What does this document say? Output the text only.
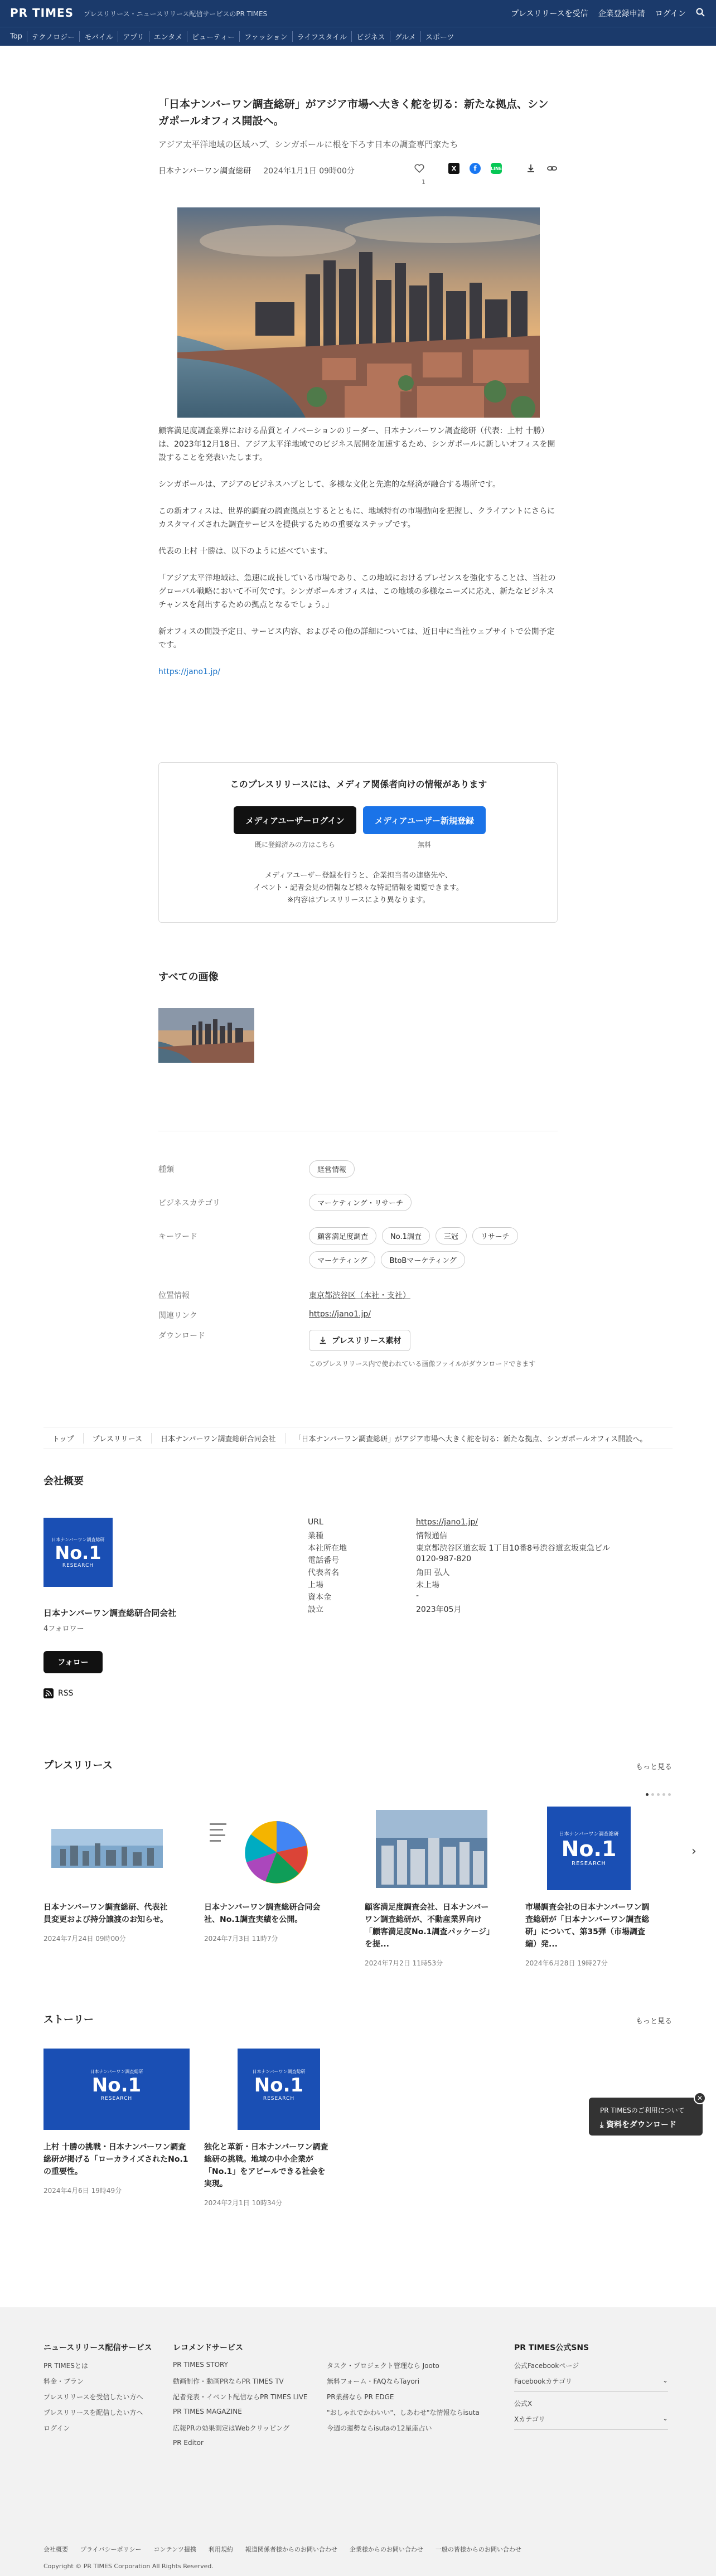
PR TIMES プレスリリース・ニュースリリース配信サービスのPR TIMES	プレスリリースを受信 企業登録申請 ログイン
Top	テクノロジー	モバイル	アプリ	エンタメ	ビューティー	ファッション	ライフスタイル	ビジネス	グルメ	スポーツ
「日本ナンバーワン調査総研」がアジア市場へ大きく舵を切る：新たな拠点、シンガポールオフィス開設へ。
アジア太平洋地域の区域ハブ、シンガポールに根を下ろす日本の調査専門家たち
日本ナンバーワン調査総研 2024年1月1日 09時00分	X	f	LINE
1

顧客満足度調査業界における品質とイノベーションのリーダー、日本ナンバーワン調査総研（代表：上村 十勝）は、2023年12月18日、アジア太平洋地域でのビジネス展開を加速するため、シンガポールに新しいオフィスを開設することを発表いたします。

シンガポールは、アジアのビジネスハブとして、多様な文化と先進的な経済が融合する場所です。

この新オフィスは、世界的調査の調査拠点とするとともに、地域特有の市場動向を把握し、クライアントにさらにカスタマイズされた調査サービスを提供するための重要なステップです。

代表の上村 十勝は、以下のように述べています。

「アジア太平洋地域は、急速に成長している市場であり、この地域におけるプレゼンスを強化することは、当社のグローバル戦略において不可欠です。シンガポールオフィスは、この地域の多様なニーズに応え、新たなビジネスチャンスを創出するための拠点となるでしょう。」

新オフィスの開設予定日、サービス内容、およびその他の詳細については、近日中に当社ウェブサイトで公開予定です。

https://jano1.jp/

このプレスリリースには、メディア関係者向けの情報があります
メディアユーザーログイン	メディアユーザー新規登録
既に登録済みの方はこちら	無料
メディアユーザー登録を行うと、企業担当者の連絡先や、
イベント・記者会見の情報など様々な特記情報を閲覧できます。
※内容はプレスリリースにより異なります。
すべての画像
種類	経営情報
ビジネスカテゴリ	マーケティング・リサーチ
キーワード	顧客満足度調査	No.1調査	三冠	リサーチ
マーケティング	BtoBマーケティング
位置情報	東京都渋谷区（本社・支社）
関連リンク	https://jano1.jp/
ダウンロード
プレスリリース素材
このプレスリリース内で使われている画像ファイルがダウンロードできます
トップ	プレスリリース	日本ナンバーワン調査総研合同会社	「日本ナンバーワン調査総研」がアジア市場へ大きく舵を切る：新たな拠点、シンガポールオフィス開設へ。
会社概要
日本ナンバーワン調査総研
No.1
RESEARCH
日本ナンバーワン調査総研合同会社
4フォロワー
フォロー
RSS
URL	https://jano1.jp/
業種	情報通信
本社所在地	東京都渋谷区道玄坂 1丁目10番8号渋谷道玄坂東急ビル
電話番号	0120-987-820
代表者名	角田 弘人
上場	未上場
資本金	-
設立	2023年05月
プレスリリース	もっと見る
日本ナンバーワン調査総研、代表社員変更および持分譲渡のお知らせ。
2024年7月24日 09時00分
日本ナンバーワン調査総研合同会社、No.1調査実績を公開。
2024年7月3日 11時7分
顧客満足度調査会社、日本ナンバーワン調査総研が、不動産業界向け「顧客満足度No.1調査パッケージ」を提...
2024年7月2日 11時53分
日本ナンバーワン調査総研
No.1
RESEARCH
市場調査会社の日本ナンバーワン調査総研が「日本ナンバーワン調査総研」について、第35弾（市場調査編）発...
2024年6月28日 19時27分
›
ストーリー	もっと見る
日本ナンバーワン調査総研
No.1
RESEARCH
上村 十勝の挑戦・日本ナンバーワン調査総研が掲げる「ローカライズされたNo.1の重要性。
2024年4月6日 19時49分
日本ナンバーワン調査総研
No.1
RESEARCH
独化と革新・日本ナンバーワン調査総研の挑戦。地域の中小企業が「No.1」をアピールできる社会を実現。
2024年2月1日 10時34分
PR TIMESのご利用について
⤓ 資料をダウンロード
✕
ニュースリリース配信サービス
PR TIMESとは
料金・プラン
プレスリリースを受信したい方へ
プレスリリースを配信したい方へ
ログイン
レコメンドサービス
PR TIMES STORY
動画制作・動画PRならPR TIMES TV
記者発表・イベント配信ならPR TIMES LIVE
PR TIMES MAGAZINE
広報PRの効果測定はWebクリッピング
PR Editor
タスク・プロジェクト管理なら Jooto
無料フォーム・FAQならTayori
PR業務なら PR EDGE
"おしゃれでかわいい"、しあわせ"な情報ならisuta
今週の運勢ならisutaの12星座占い
PR TIMES公式SNS
公式Facebookページ
Facebookカテゴリ	⌄
公式X
Xカテゴリ	⌄
会社概要 プライバシーポリシー コンテンツ提携 利用規約 報道関係者様からのお問い合わせ 企業様からのお問い合わせ 一般の皆様からのお問い合わせ
Copyright © PR TIMES Corporation All Rights Reserved.
